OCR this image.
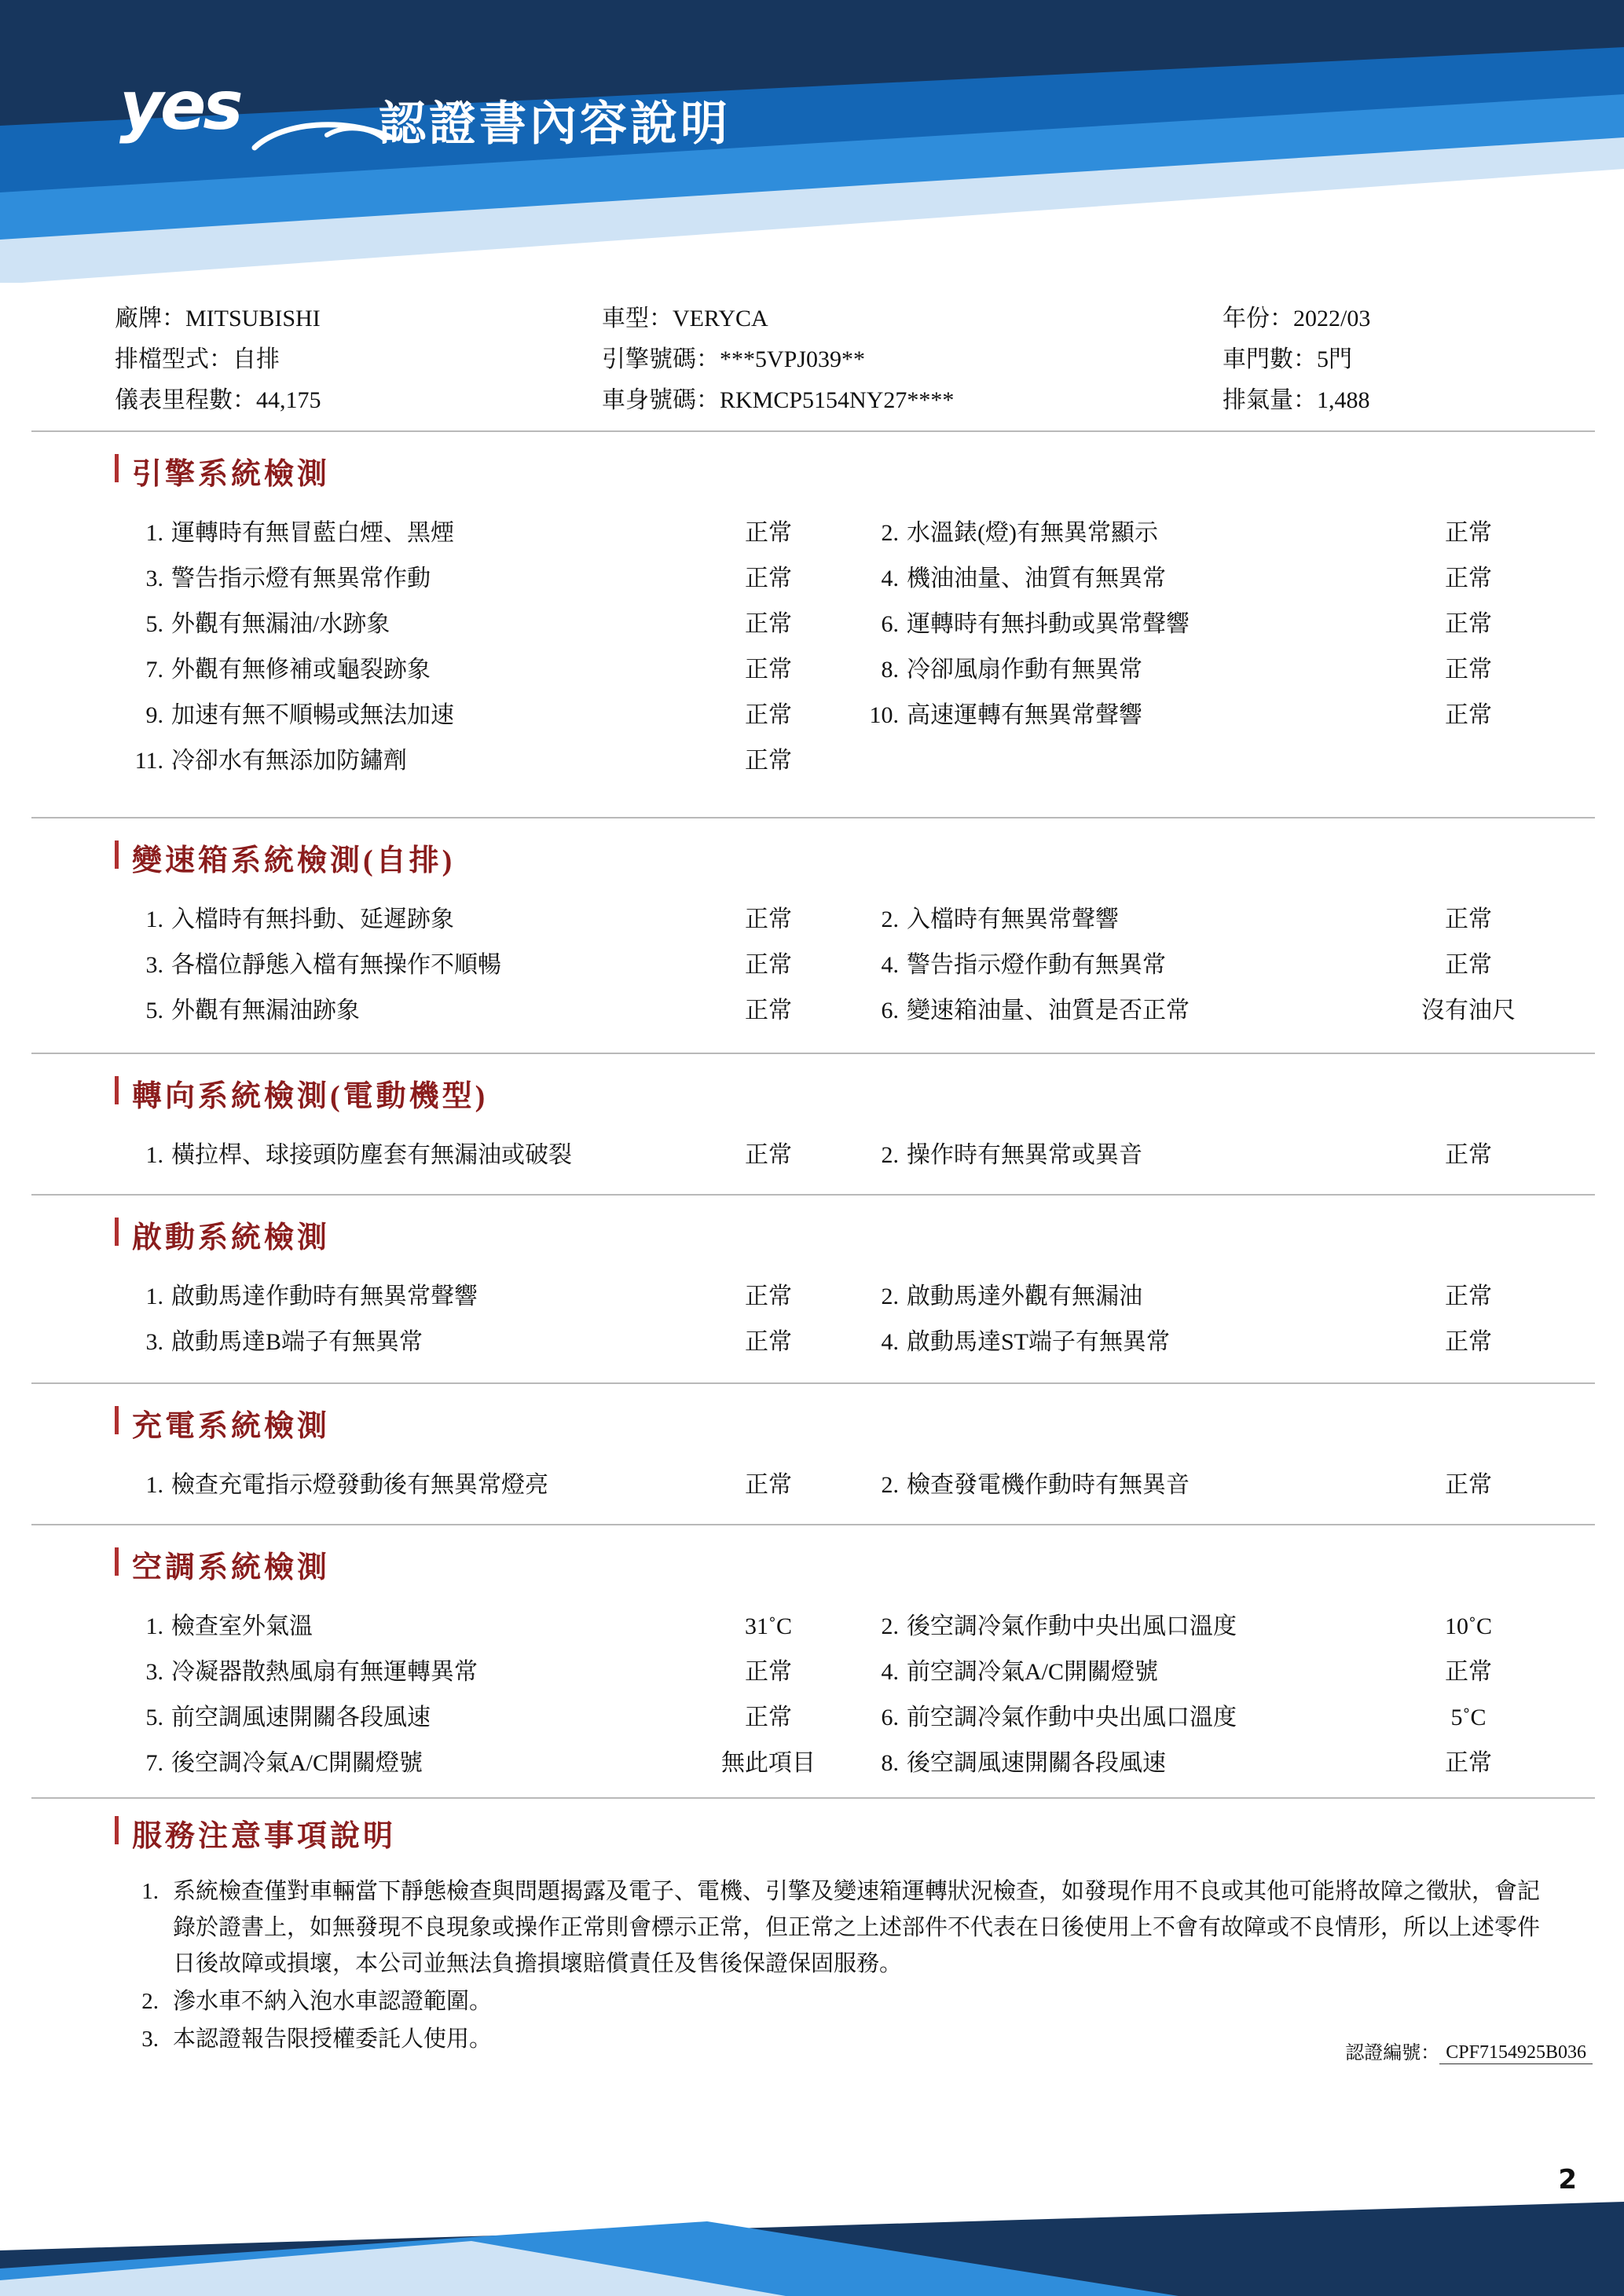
yes	認證書內容說明
廠牌：MITSUBISHI	車型：VERYCA	年份：2022/03
排檔型式：自排	引擎號碼：***5VPJ039**	車門數：5門
儀表里程數：44,175	車身號碼：RKMCP5154NY27****	排氣量：1,488
引擎系統檢測
1. 運轉時有無冒藍白煙、黑煙	正常	2. 水溫錶(燈)有無異常顯示	正常
3. 警告指示燈有無異常作動	正常	4. 機油油量、油質有無異常	正常
5. 外觀有無漏油/水跡象	正常	6. 運轉時有無抖動或異常聲響	正常
7. 外觀有無修補或龜裂跡象	正常	8. 冷卻風扇作動有無異常	正常
9. 加速有無不順暢或無法加速	正常	10. 高速運轉有無異常聲響	正常
11. 冷卻水有無添加防鏽劑	正常
變速箱系統檢測(自排)
1. 入檔時有無抖動、延遲跡象	正常	2. 入檔時有無異常聲響	正常
3. 各檔位靜態入檔有無操作不順暢	正常	4. 警告指示燈作動有無異常	正常
5. 外觀有無漏油跡象	正常	6. 變速箱油量、油質是否正常	沒有油尺
轉向系統檢測(電動機型)
1. 橫拉桿、球接頭防塵套有無漏油或破裂	正常	2. 操作時有無異常或異音	正常
啟動系統檢測
1. 啟動馬達作動時有無異常聲響	正常	2. 啟動馬達外觀有無漏油	正常
3. 啟動馬達B端子有無異常	正常	4. 啟動馬達ST端子有無異常	正常
充電系統檢測
1. 檢查充電指示燈發動後有無異常燈亮	正常	2. 檢查發電機作動時有無異音	正常
空調系統檢測
1. 檢查室外氣溫	31˚C	2. 後空調冷氣作動中央出風口溫度	10˚C
3. 冷凝器散熱風扇有無運轉異常	正常	4. 前空調冷氣A/C開關燈號	正常
5. 前空調風速開關各段風速	正常	6. 前空調冷氣作動中央出風口溫度	5˚C
7. 後空調冷氣A/C開關燈號	無此項目	8. 後空調風速開關各段風速	正常
服務注意事項說明
1. 系統檢查僅對車輛當下靜態檢查與問題揭露及電子、電機、引擎及變速箱運轉狀況檢查，如發現作用不良或其他可能將故障之徵狀，會記錄於證書上，如無發現不良現象或操作正常則會標示正常，但正常之上述部件不代表在日後使用上不會有故障或不良情形，所以上述零件日後故障或損壞，本公司並無法負擔損壞賠償責任及售後保證保固服務。
2. 滲水車不納入泡水車認證範圍。
3. 本認證報告限授權委託人使用。
認證編號： CPF7154925B036
2
